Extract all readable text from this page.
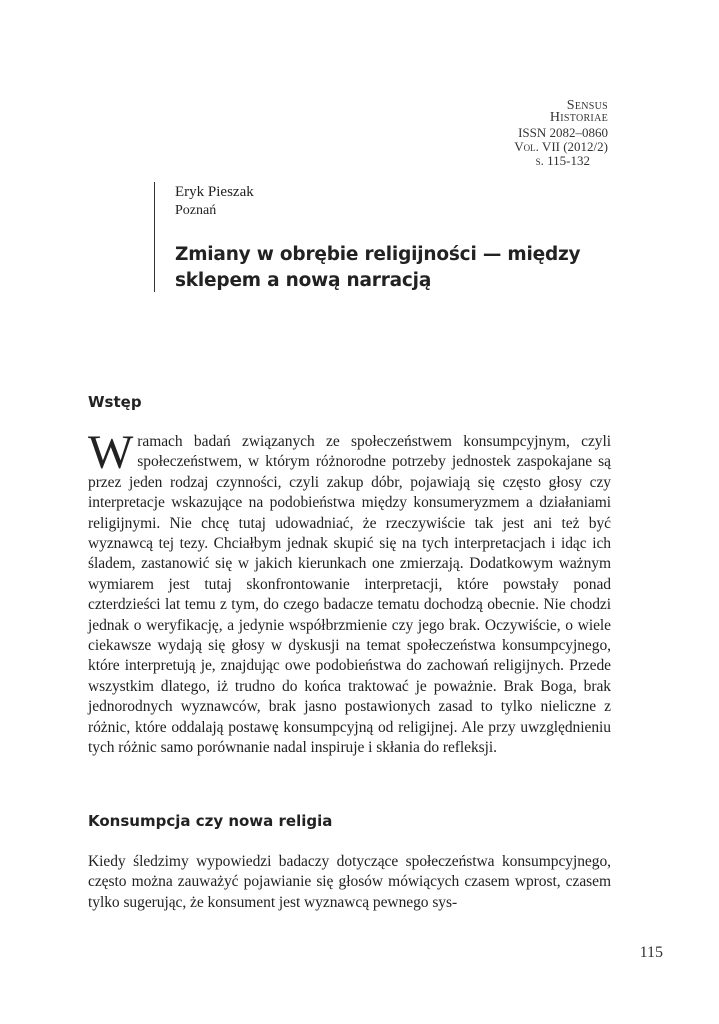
Sensus
Historiae
ISSN 2082–0860
Vol. VII (2012/2)
s. 115-132
Eryk Pieszak
Poznań
Zmiany w obrębie religijności — między sklepem a nową narracją
Wstęp

Wramach badań związanych ze społeczeństwem konsumpcyjnym, czyli społeczeństwem, w którym różnorodne potrzeby jednostek zaspokajane są przez jeden rodzaj czynności, czyli zakup dóbr, pojawiają się często głosy czy interpretacje wskazujące na podobieństwa między konsumeryzmem a działaniami religijnymi. Nie chcę tutaj udowadniać, że rzeczywiście tak jest ani też być wyznawcą tej tezy. Chciałbym jednak skupić się na tych interpretacjach i idąc ich śladem, zastanowić się w jakich kierunkach one zmierzają. Dodatkowym ważnym wymiarem jest tutaj skonfrontowanie interpretacji, które powstały ponad czterdzieści lat temu z tym, do czego badacze tematu dochodzą obecnie. Nie chodzi jednak o weryfikację, a jedynie współbrzmienie czy jego brak. Oczywiście, o wiele ciekawsze wydają się głosy w dyskusji na temat społeczeństwa konsumpcyjnego, które interpretują je, znajdując owe podobieństwa do zachowań religijnych. Przede wszystkim dlatego, iż trudno do końca traktować je poważnie. Brak Boga, brak jednorodnych wyznawców, brak jasno postawionych zasad to tylko nieliczne z różnic, które oddalają postawę konsumpcyjną od religijnej. Ale przy uwzględnieniu tych różnic samo porównanie nadal inspiruje i skłania do refleksji.

Konsumpcja czy nowa religia

Kiedy śledzimy wypowiedzi badaczy dotyczące społeczeństwa konsumpcyjnego, często można zauważyć pojawianie się głosów mówiących czasem wprost, czasem tylko sugerując, że konsument jest wyznawcą pewnego sys-

115
